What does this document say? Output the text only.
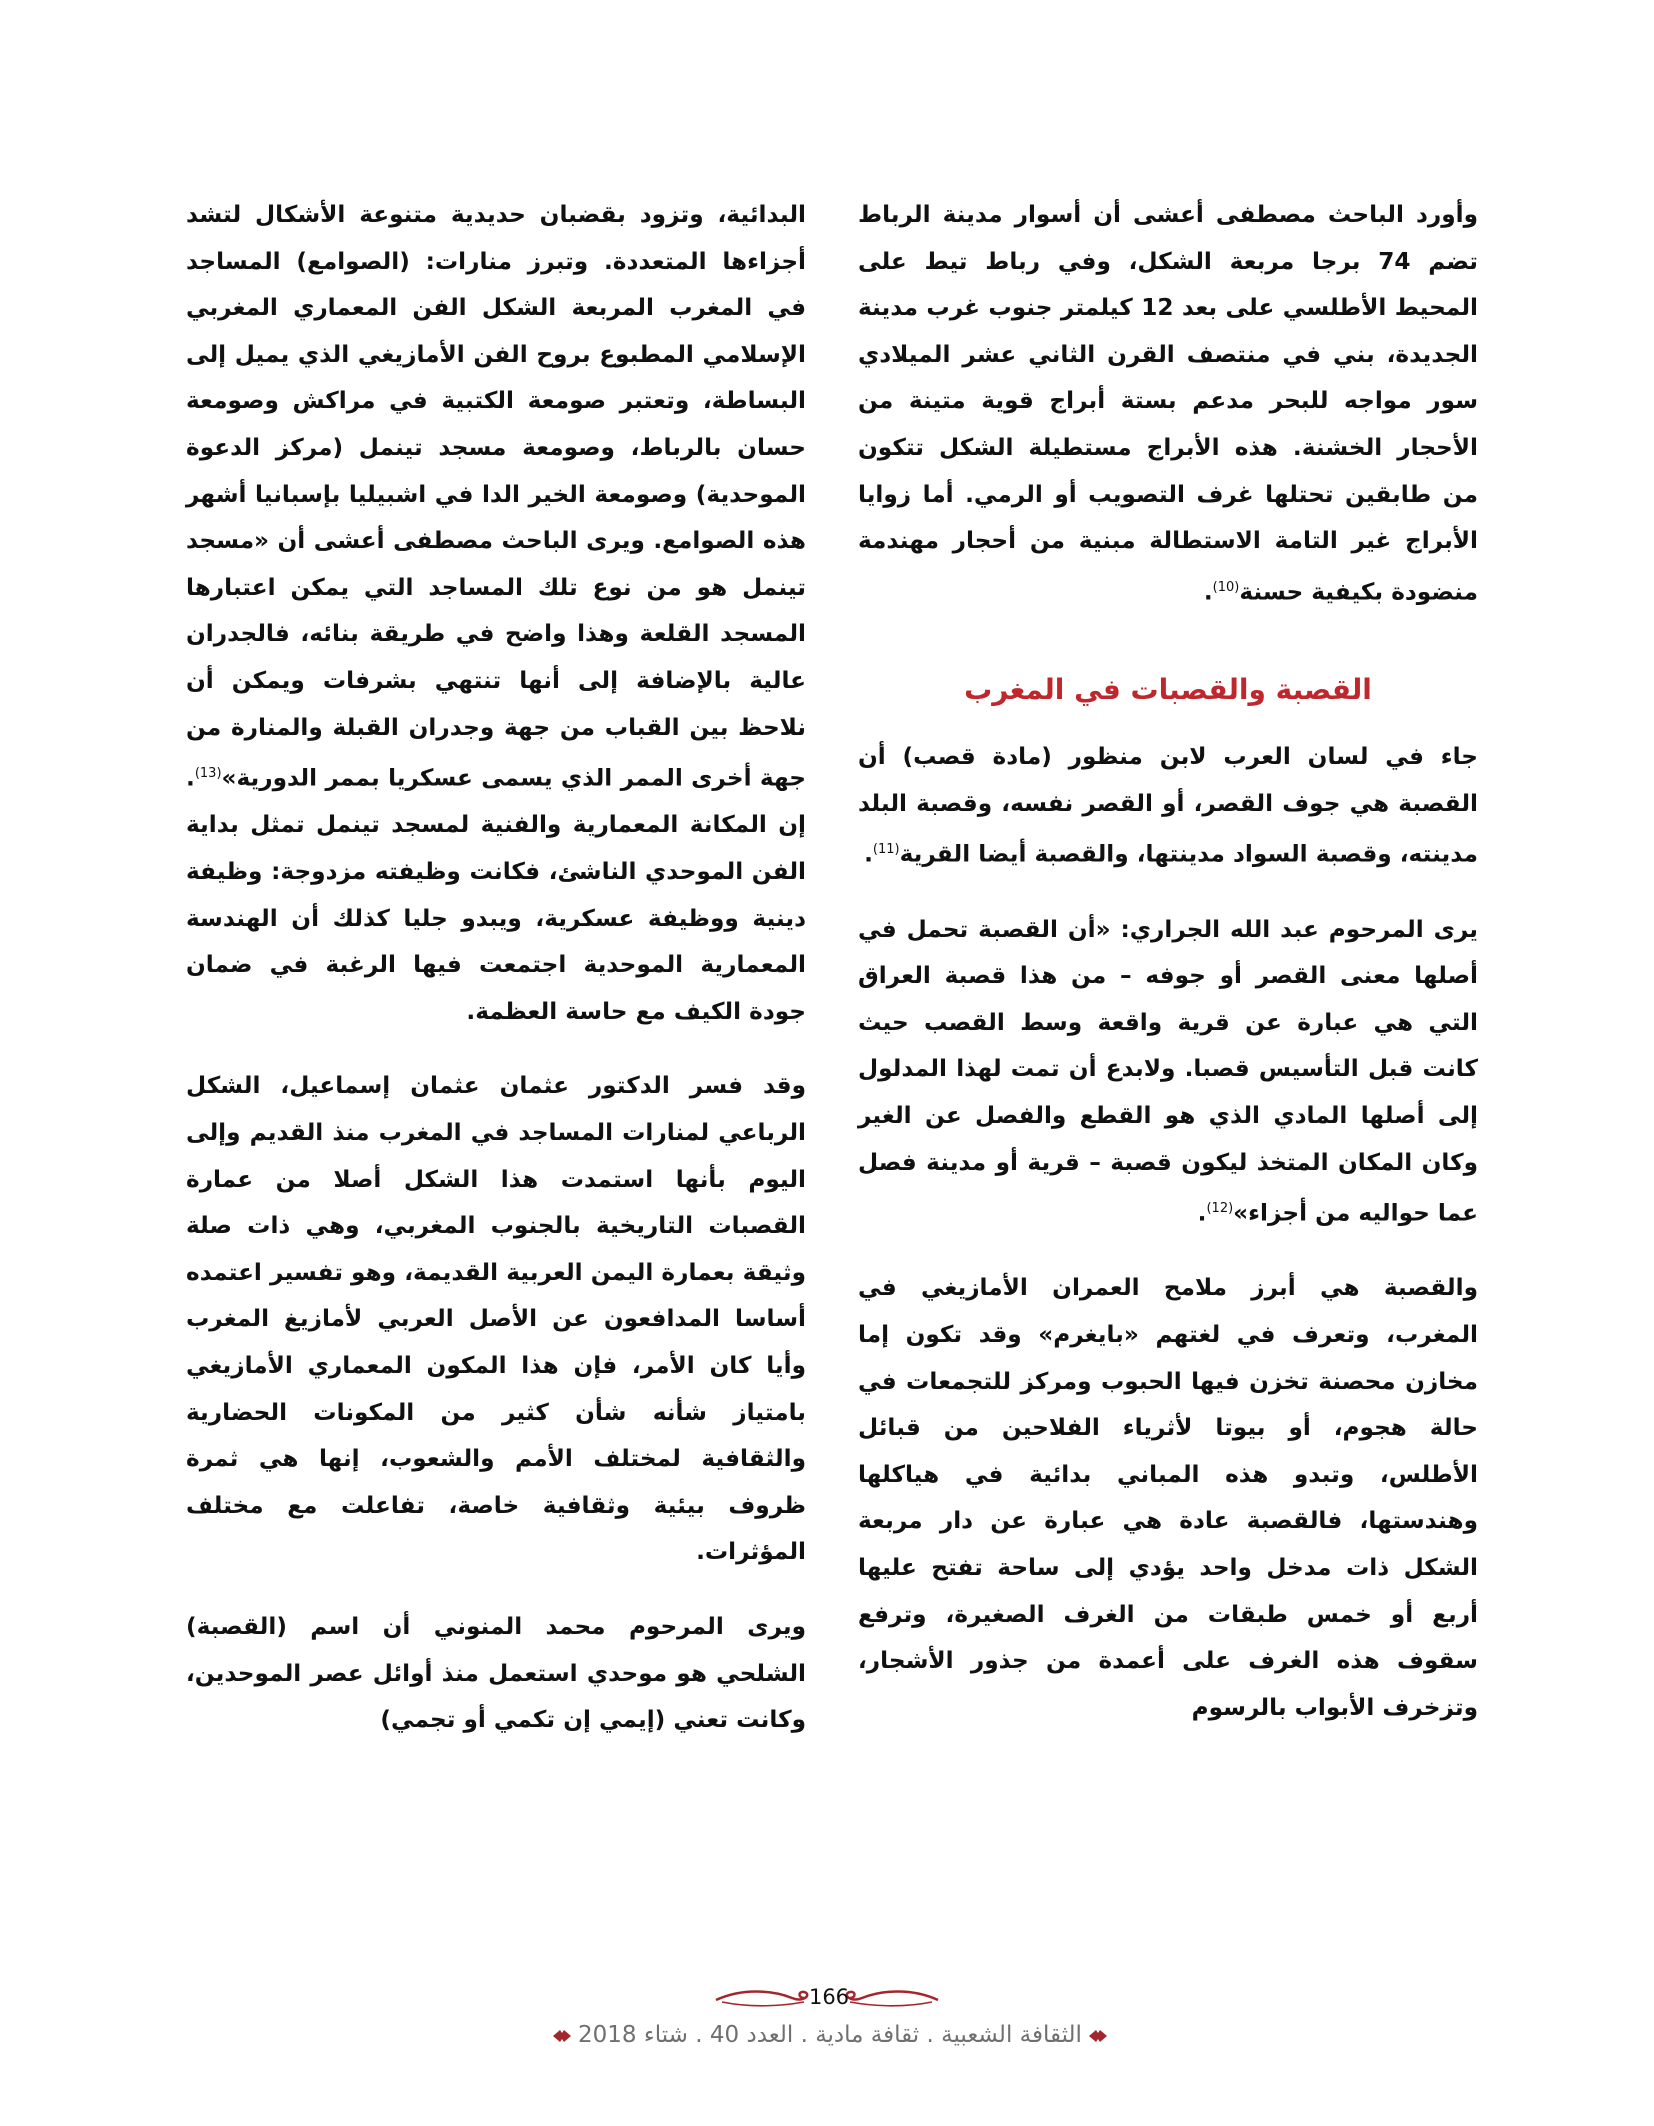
وأورد الباحث مصطفى أعشى أن أسوار مدينة الرباط تضم 74 برجا مربعة الشكل، وفي رباط تيط على المحيط الأطلسي على بعد 12 كيلمتر جنوب غرب مدينة الجديدة، بني في منتصف القرن الثاني عشر الميلادي سور مواجه للبحر مدعم بستة أبراج قوية متينة من الأحجار الخشنة. هذه الأبراج مستطيلة الشكل تتكون من طابقين تحتلها غرف التصويب أو الرمي. أما زوايا الأبراج غير التامة الاستطالة مبنية من أحجار مهندمة منضودة بكيفية حسنة$^{(10)}$.

القصبة والقصبات في المغرب

جاء في لسان العرب لابن منظور (مادة قصب) أن القصبة هي جوف القصر، أو القصر نفسه، وقصبة البلد مدينته، وقصبة السواد مدينتها، والقصبة أيضا القرية$^{(11)}$.

يرى المرحوم عبد الله الجراري: «أن القصبة تحمل في أصلها معنى القصر أو جوفه – من هذا قصبة العراق التي هي عبارة عن قرية واقعة وسط القصب حيث كانت قبل التأسيس قصبا. ولابدع أن تمت لهذا المدلول إلى أصلها المادي الذي هو القطع والفصل عن الغير وكان المكان المتخذ ليكون قصبة – قرية أو مدينة فصل عما حواليه من أجزاء»$^{(12)}$.

والقصبة هي أبرز ملامح العمران الأمازيغي في المغرب، وتعرف في لغتهم «بايغرم» وقد تكون إما مخازن محصنة تخزن فيها الحبوب ومركز للتجمعات في حالة هجوم، أو بيوتا لأثرياء الفلاحين من قبائل الأطلس، وتبدو هذه المباني بدائية في هياكلها وهندستها، فالقصبة عادة هي عبارة عن دار مربعة الشكل ذات مدخل واحد يؤدي إلى ساحة تفتح عليها أربع أو خمس طبقات من الغرف الصغيرة، وترفع سقوف هذه الغرف على أعمدة من جذور الأشجار، وتزخرف الأبواب بالرسوم

البدائية، وتزود بقضبان حديدية متنوعة الأشكال لتشد أجزاءها المتعددة. وتبرز منارات: (الصوامع) المساجد في المغرب المربعة الشكل الفن المعماري المغربي الإسلامي المطبوع بروح الفن الأمازيغي الذي يميل إلى البساطة، وتعتبر صومعة الكتبية في مراكش وصومعة حسان بالرباط، وصومعة مسجد تينمل (مركز الدعوة الموحدية) وصومعة الخير الدا في اشبيليا بإسبانيا أشهر هذه الصوامع. ويرى الباحث مصطفى أعشى أن «مسجد تينمل هو من نوع تلك المساجد التي يمكن اعتبارها المسجد القلعة وهذا واضح في طريقة بنائه، فالجدران عالية بالإضافة إلى أنها تنتهي بشرفات ويمكن أن نلاحظ بين القباب من جهة وجدران القبلة والمنارة من جهة أخرى الممر الذي يسمى عسكريا بممر الدورية»$^{(13)}$. إن المكانة المعمارية والفنية لمسجد تينمل تمثل بداية الفن الموحدي الناشئ، فكانت وظيفته مزدوجة: وظيفة دينية ووظيفة عسكرية، ويبدو جليا كذلك أن الهندسة المعمارية الموحدية اجتمعت فيها الرغبة في ضمان جودة الكيف مع حاسة العظمة.

وقد فسر الدكتور عثمان عثمان إسماعيل، الشكل الرباعي لمنارات المساجد في المغرب منذ القديم وإلى اليوم بأنها استمدت هذا الشكل أصلا من عمارة القصبات التاريخية بالجنوب المغربي، وهي ذات صلة وثيقة بعمارة اليمن العربية القديمة، وهو تفسير اعتمده أساسا المدافعون عن الأصل العربي لأمازيغ المغرب وأيا كان الأمر، فإن هذا المكون المعماري الأمازيغي بامتياز شأنه شأن كثير من المكونات الحضارية والثقافية لمختلف الأمم والشعوب، إنها هي ثمرة ظروف بيئية وثقافية خاصة، تفاعلت مع مختلف المؤثرات.

ويرى المرحوم محمد المنوني أن اسم (القصبة) الشلحي هو موحدي استعمل منذ أوائل عصر الموحدين، وكانت تعني (إيمي إن تكمي أو تجمي)

166
الثقافة الشعبية . ثقافة مادية . العدد 40 . شتاء 2018
